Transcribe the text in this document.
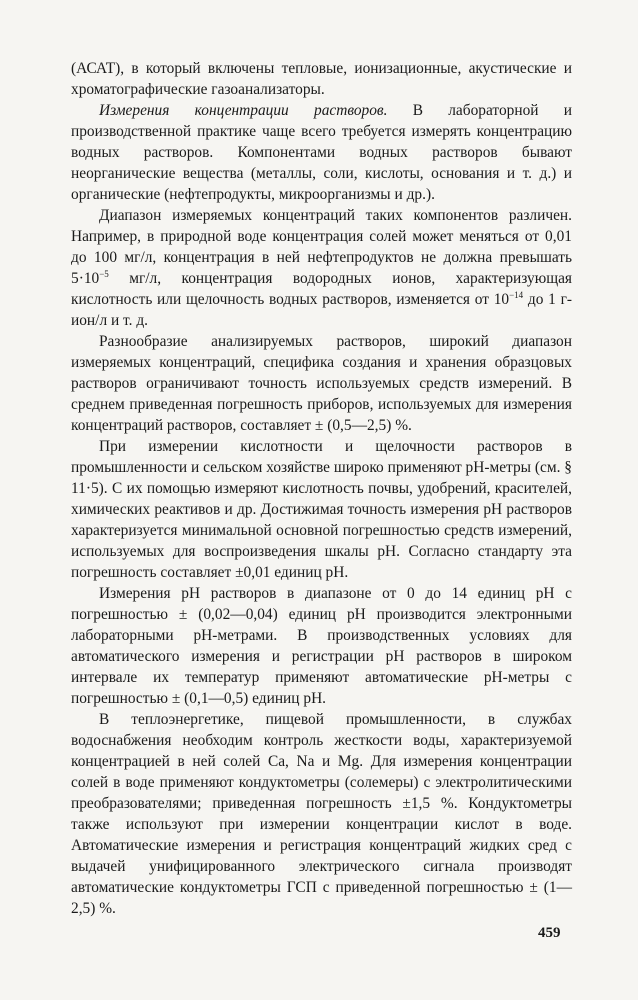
(АСАТ), в который включены тепловые, ионизационные, акустические и хроматографические газоанализаторы.

Измерения концентрации растворов. В лабораторной и производственной практике чаще всего требуется измерять концентрацию водных растворов. Компонентами водных растворов бывают неорганические вещества (металлы, соли, кислоты, основания и т. д.) и органические (нефтепродукты, микроорганизмы и др.).

Диапазон измеряемых концентраций таких компонентов различен. Например, в природной воде концентрация солей может меняться от 0,01 до 100 мг/л, концентрация в ней нефтепродуктов не должна превышать $5\cdot 10^{-5}$ мг/л, концентрация водородных ионов, характеризующая кислотность или щелочность водных растворов, изменяется от $10^{-14}$ до 1 г-ион/л и т. д.

Разнообразие анализируемых растворов, широкий диапазон измеряемых концентраций, специфика создания и хранения образцовых растворов ограничивают точность используемых средств измерений. В среднем приведенная погрешность приборов, используемых для измерения концентраций растворов, составляет ± (0,5—2,5) %.

При измерении кислотности и щелочности растворов в промышленности и сельском хозяйстве широко применяют pH-метры (см. § 11·5). С их помощью измеряют кислотность почвы, удобрений, красителей, химических реактивов и др. Достижимая точность измерения pH растворов характеризуется минимальной основной погрешностью средств измерений, используемых для воспроизведения шкалы pH. Согласно стандарту эта погрешность составляет ±0,01 единиц pH.

Измерения pH растворов в диапазоне от 0 до 14 единиц pH с погрешностью ± (0,02—0,04) единиц pH производится электронными лабораторными pH-метрами. В производственных условиях для автоматического измерения и регистрации pH растворов в широком интервале их температур применяют автоматические pH-метры с погрешностью ± (0,1—0,5) единиц pH.

В теплоэнергетике, пищевой промышленности, в службах водоснабжения необходим контроль жесткости воды, характеризуемой концентрацией в ней солей Ca, Na и Mg. Для измерения концентрации солей в воде применяют кондуктометры (солемеры) с электролитическими преобразователями; приведенная погрешность ±1,5 %. Кондуктометры также используют при измерении концентрации кислот в воде. Автоматические измерения и регистрация концентраций жидких сред с выдачей унифицированного электрического сигнала производят автоматические кондуктометры ГСП с приведенной погрешностью ± (1—2,5) %.

459
